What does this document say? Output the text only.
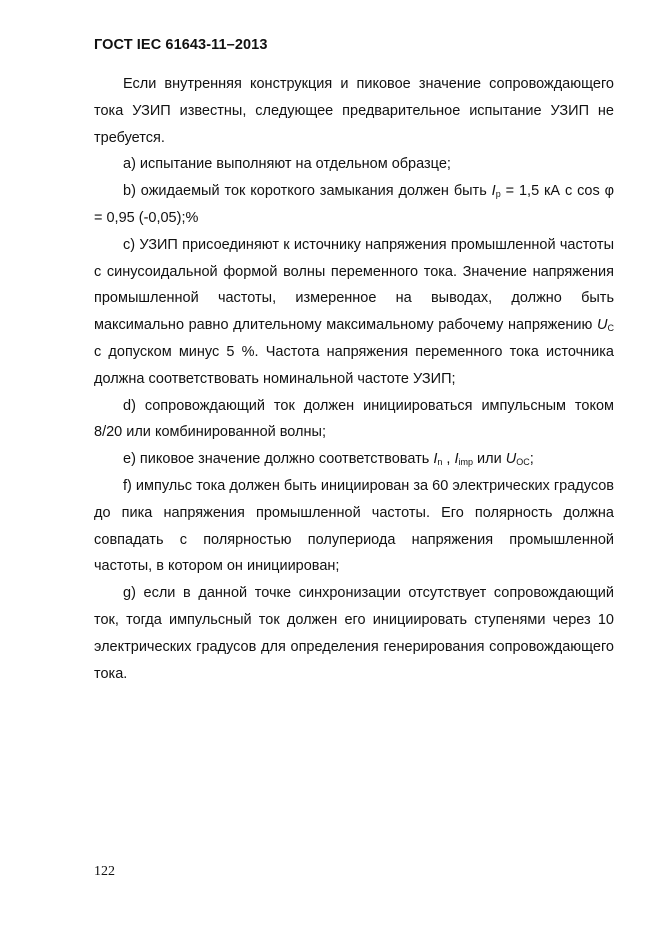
ГОСТ IEC 61643-11–2013

Если внутренняя конструкция и пиковое значение сопровождающего тока УЗИП известны, следующее предварительное испытание УЗИП не требуется.

a) испытание выполняют на отдельном образце;

b) ожидаемый ток короткого замыкания должен быть $I_p = 1,5$ кА с cos φ = 0,95 (-0,05);%

c) УЗИП присоединяют к источнику напряжения промышленной частоты с синусоидальной формой волны переменного тока. Значение напряжения промышленной частоты, измеренное на выводах, должно быть максимально равно длительному максимальному рабочему напряжению $U_C$ с допуском минус 5 %. Частота напряжения переменного тока источника должна соответствовать номинальной частоте УЗИП;

d) сопровождающий ток должен инициироваться импульсным током 8/20 или комбинированной волны;

e) пиковое значение должно соответствовать $I_n$ , $I_{imp}$ или $U_{OC}$;

f) импульс тока должен быть инициирован за 60 электрических градусов до пика напряжения промышленной частоты. Его полярность должна совпадать с полярностью полупериода напряжения промышленной частоты, в котором он инициирован;

g) если в данной точке синхронизации отсутствует сопровождающий ток, тогда импульсный ток должен его инициировать ступенями через 10 электрических градусов для определения генерирования сопровождающего тока.

122
